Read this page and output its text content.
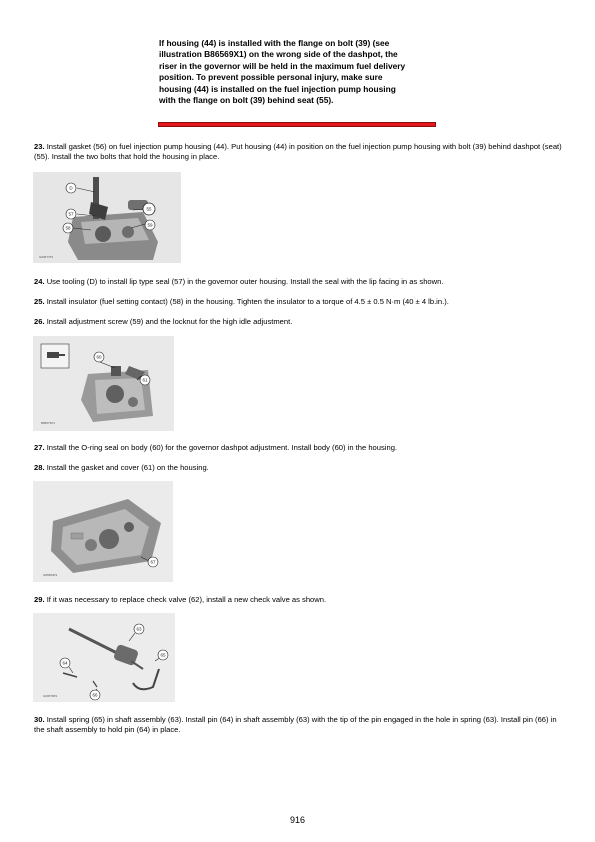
If housing (44) is installed with the flange on bolt (39) (see
illustration B86569X1) on the wrong side of the dashpot, the
riser in the governor will be held in the maximum fuel delivery
position. To prevent possible personal injury, make sure
housing (44) is installed on the fuel injection pump housing
with the flange on bolt (39) behind seat (55).
23. Install gasket (56) on fuel injection pump housing (44). Put housing (44) in position on the fuel injection pump housing with bolt (39) behind dashpot (seat) (55). Install the two bolts that hold the housing in place.
D
57
58
59
55
G00577P1
24. Use tooling (D) to install lip type seal (57) in the governor outer housing. Install the seal with the lip facing in as shown.
25. Install insulator (fuel setting contact) (58) in the housing. Tighten the insulator to a torque of 4.5 ± 0.5 N·m (40 ± 4 lb.in.).
26. Install adjustment screw (59) and the locknut for the high idle adjustment.
60
61
B86573P1
27. Install the O-ring seal on body (60) for the governor dashpot adjustment. Install body (60) in the housing.
28. Install the gasket and cover (61) on the housing.
67
G86584P1
29. If it was necessary to replace check valve (62), install a new check valve as shown.
63
64
65
66
G00578P1
30. Install spring (65) in shaft assembly (63). Install pin (64) in shaft assembly (63) with the tip of the pin engaged in the hole in spring (63). Install pin (66) in the shaft assembly to hold pin (64) in place.
916
